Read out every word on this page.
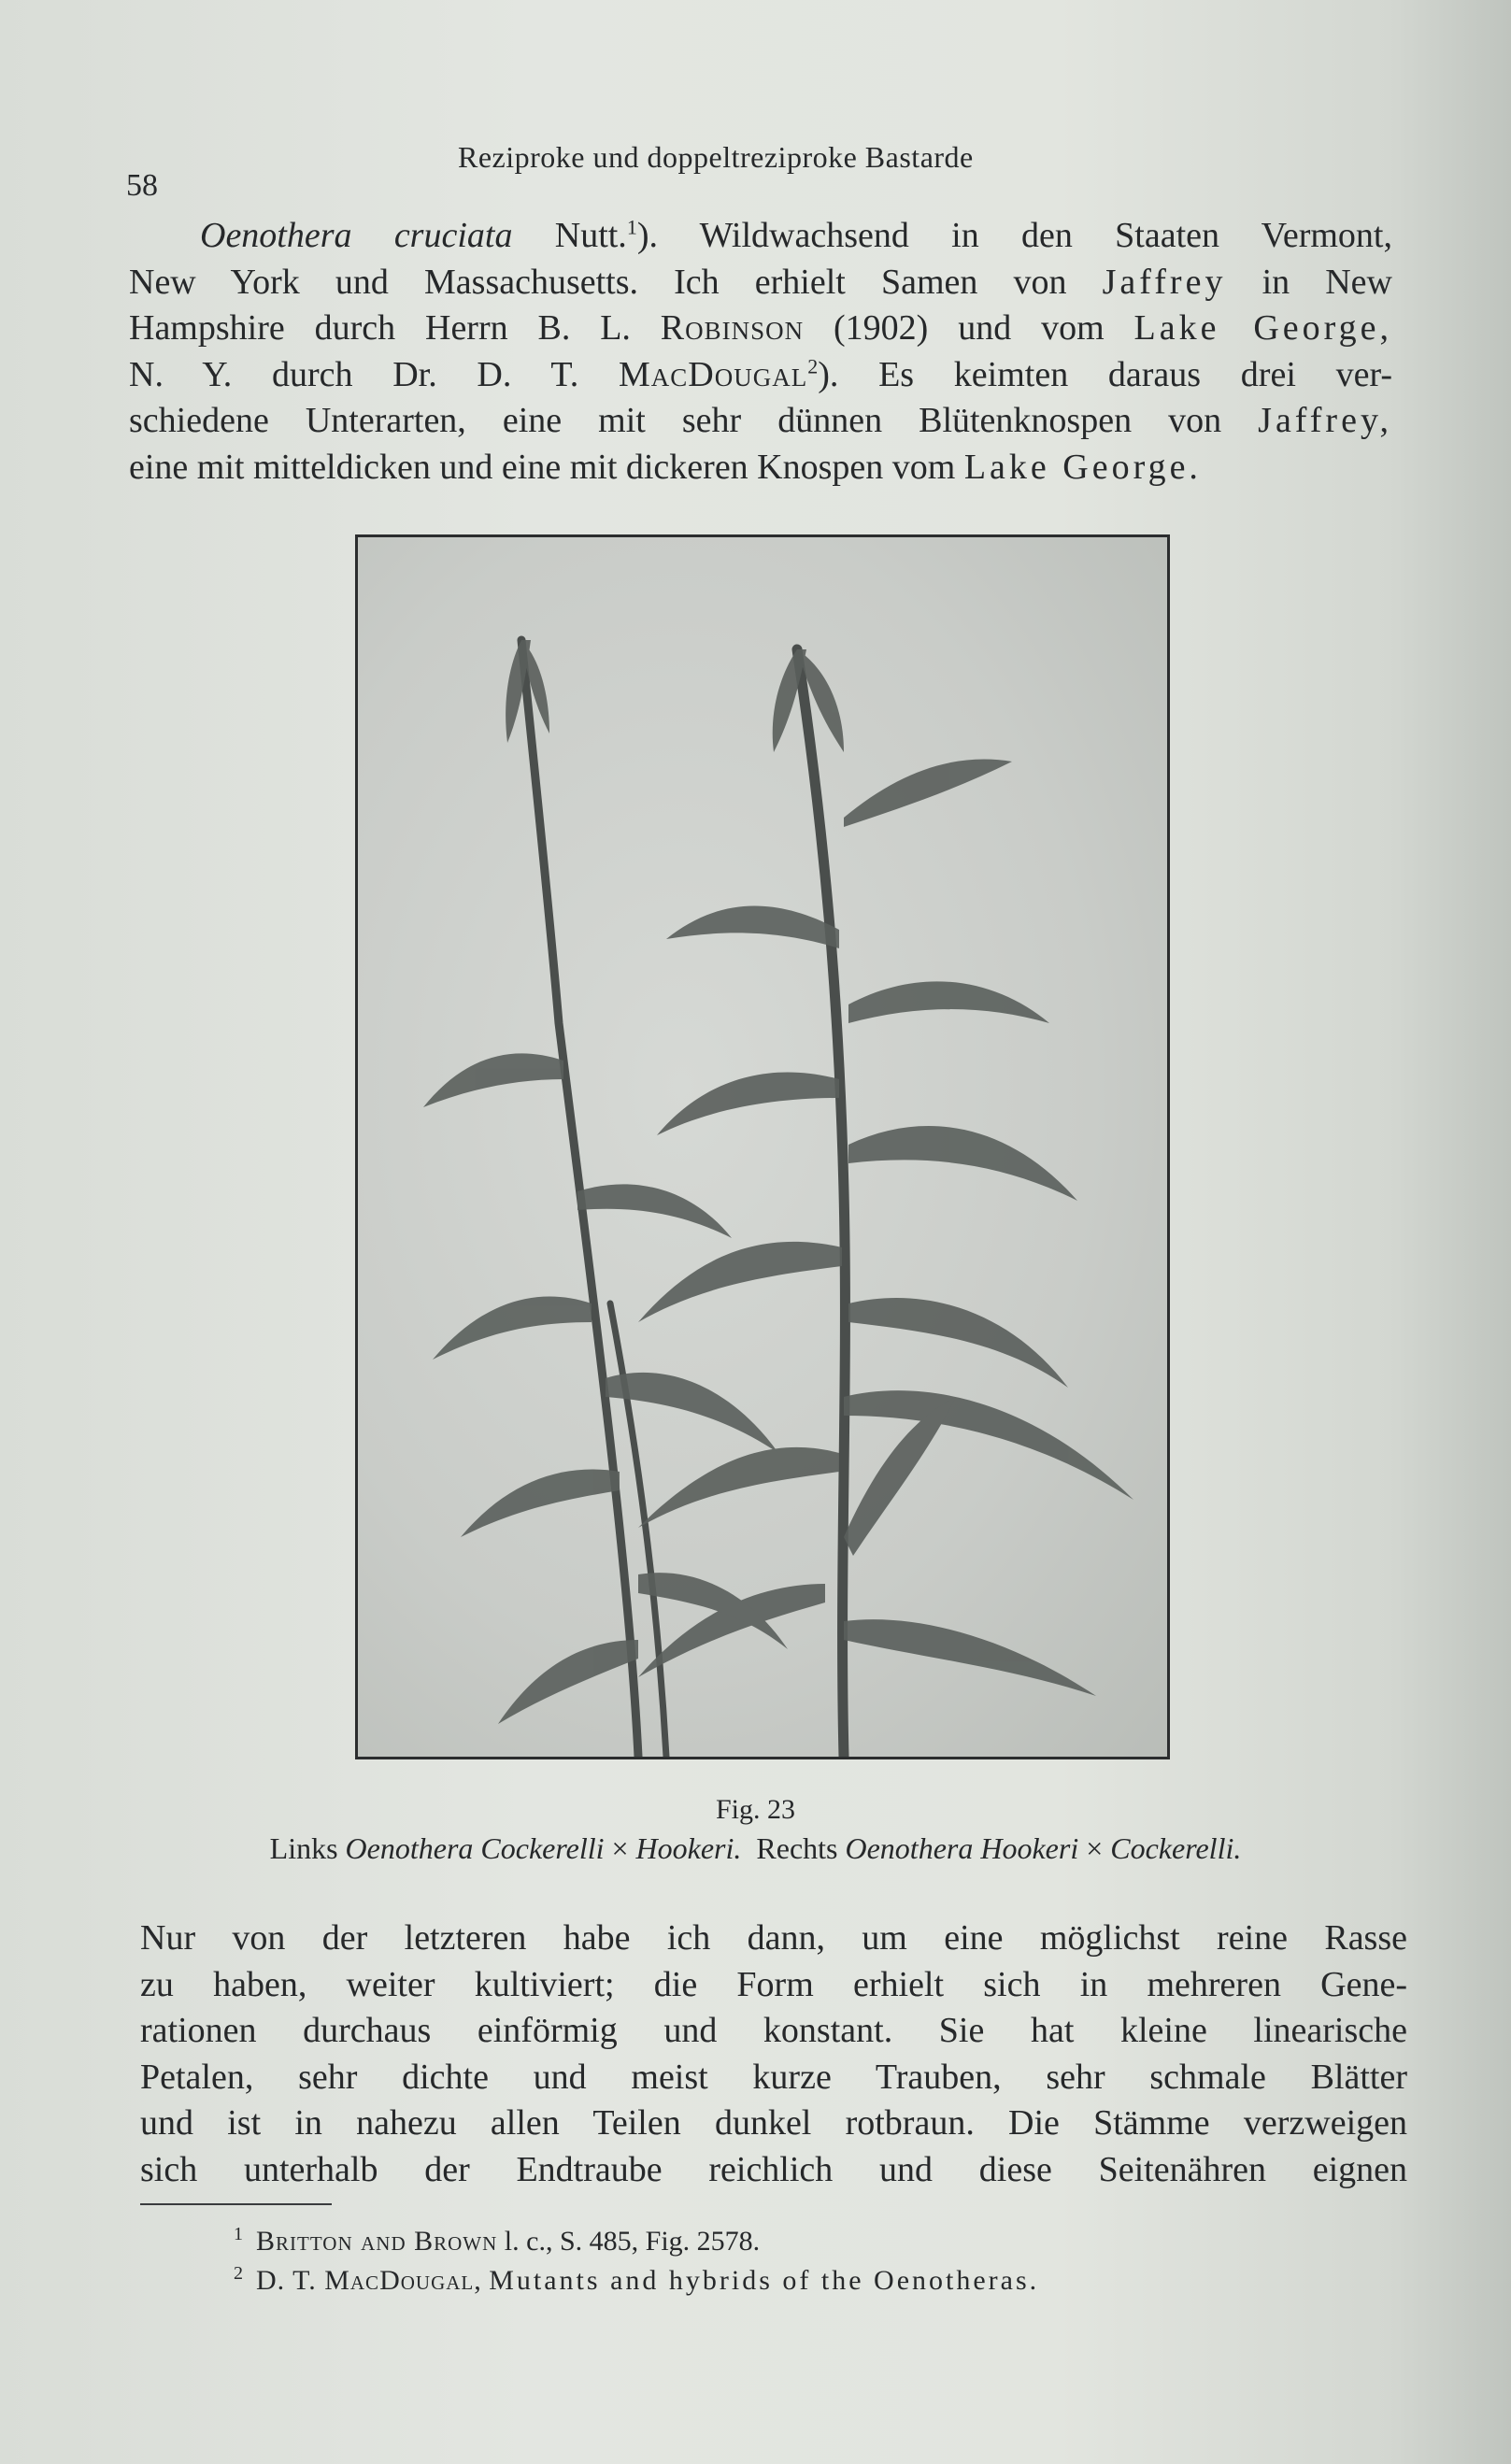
58
Reziproke und doppeltreziproke Bastarde
  Oenothera cruciata Nutt.$^1$). Wildwachsend in den Staaten Vermont,
New York und Massachusetts. Ich erhielt Samen von Jaffrey in New
Hampshire durch Herrn B. L. Robinson (1902) und vom Lake George,
N. Y. durch Dr. D. T. MacDougal$^2$). Es keimten daraus drei ver-
schiedene Unterarten, eine mit sehr dünnen Blütenknospen von Jaffrey,
eine mit mitteldicken und eine mit dickeren Knospen vom Lake George.
Fig. 23
Links Oenothera Cockerelli × Hookeri. Rechts Oenothera Hookeri × Cockerelli.
Nur von der letzteren habe ich dann, um eine möglichst reine Rasse
zu haben, weiter kultiviert; die Form erhielt sich in mehreren Gene-
rationen durchaus einförmig und konstant. Sie hat kleine linearische
Petalen, sehr dichte und meist kurze Trauben, sehr schmale Blätter
und ist in nahezu allen Teilen dunkel rotbraun. Die Stämme verzweigen
sich unterhalb der Endtraube reichlich und diese Seitenähren eignen
$^1$ Britton and Brown l. c., S. 485, Fig. 2578.
$^2$ D. T. MacDougal, Mutants and hybrids of the Oenotheras.
